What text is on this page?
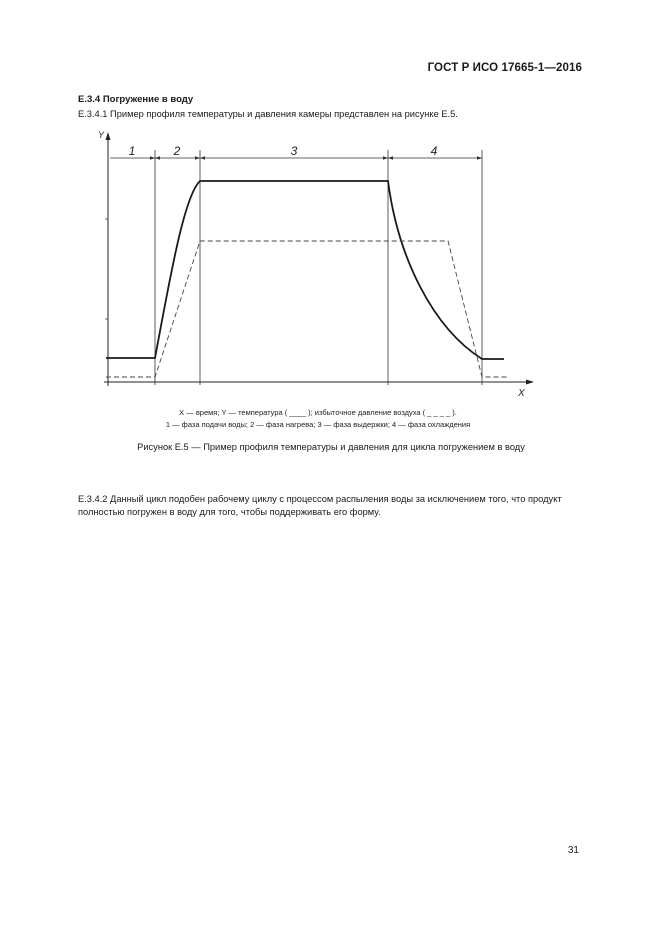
ГОСТ Р ИСО 17665-1—2016
Е.3.4 Погружение в воду
Е.3.4.1 Пример профиля температуры и давления камеры представлен на рисунке Е.5.
Y
X
1	2	3	4
X — время; Y — температура ( ____ ); избыточное давление воздуха ( _ _ _ _ ).
1 — фаза подачи воды; 2 — фаза нагрева; 3 — фаза выдержки; 4 — фаза охлаждения
Рисунок Е.5 — Пример профиля температуры и давления для цикла погружением в воду
Е.3.4.2 Данный цикл подобен рабочему циклу с процессом распыления воды за исключением того, что продукт полностью погружен в воду для того, чтобы поддерживать его форму.
31
